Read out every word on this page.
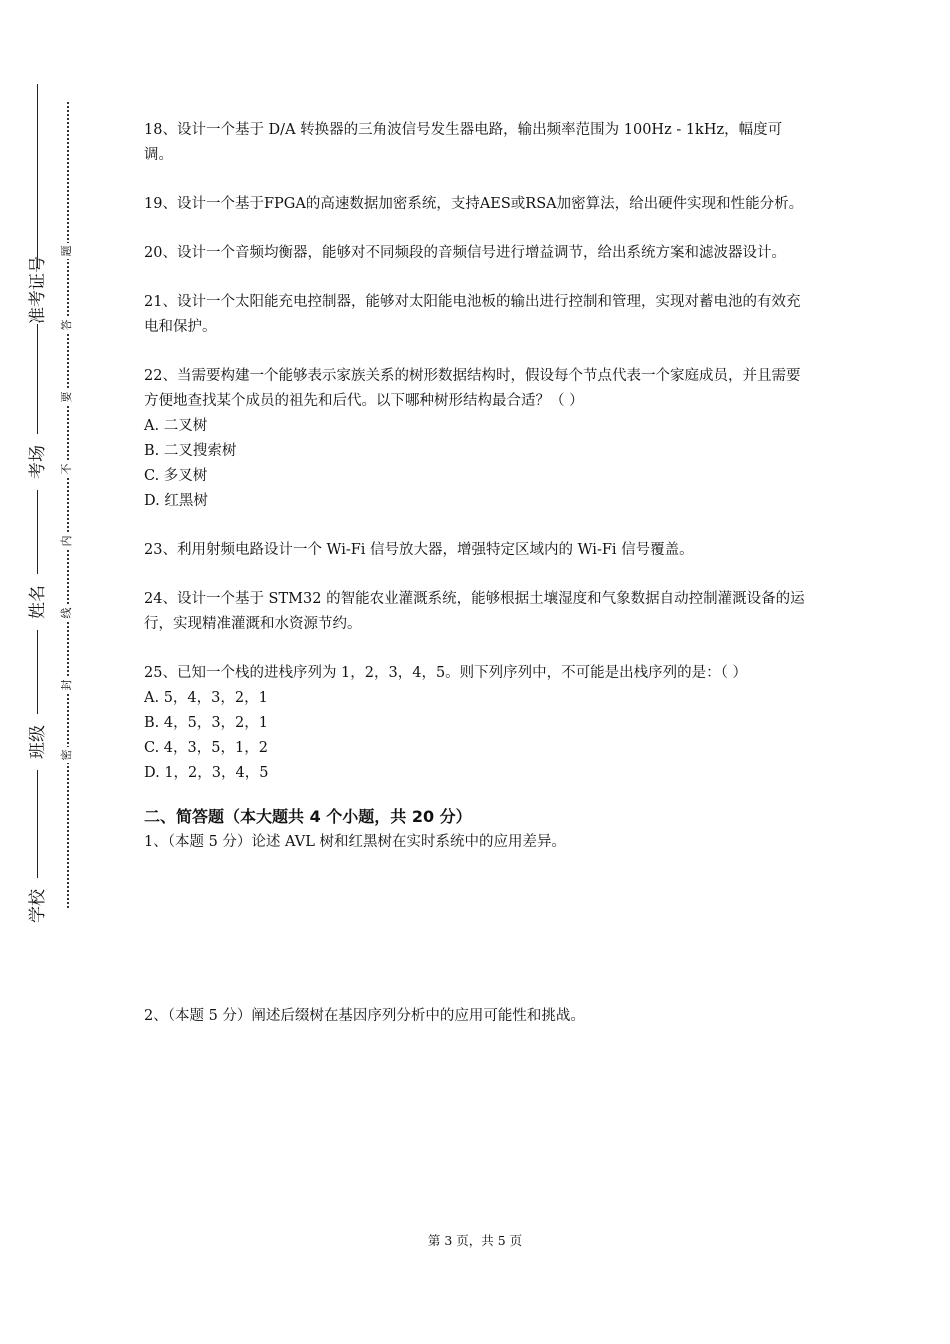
准考证号
考场
姓名
班级
学校
题
答
要
不
内
线
封
密

18、设计一个基于 D/A 转换器的三角波信号发生器电路，输出频率范围为 100Hz - 1kHz，幅度可调。

19、设计一个基于FPGA的高速数据加密系统，支持AES或RSA加密算法，给出硬件实现和性能分析。

20、设计一个音频均衡器，能够对不同频段的音频信号进行增益调节，给出系统方案和滤波器设计。

21、设计一个太阳能充电控制器，能够对太阳能电池板的输出进行控制和管理，实现对蓄电池的有效充电和保护。

22、当需要构建一个能够表示家族关系的树形数据结构时，假设每个节点代表一个家庭成员，并且需要方便地查找某个成员的祖先和后代。以下哪种树形结构最合适？（ ）

A. 二叉树

B. 二叉搜索树

C. 多叉树

D. 红黑树

23、利用射频电路设计一个 Wi-Fi 信号放大器，增强特定区域内的 Wi-Fi 信号覆盖。

24、设计一个基于 STM32 的智能农业灌溉系统，能够根据土壤湿度和气象数据自动控制灌溉设备的运行，实现精准灌溉和水资源节约。

25、已知一个栈的进栈序列为 1，2，3，4，5。则下列序列中，不可能是出栈序列的是：（ ）

A. 5，4，3，2，1

B. 4，5，3，2，1

C. 4，3，5，1，2

D. 1，2，3，4，5

二、简答题（本大题共 4 个小题，共 20 分）

1、（本题 5 分）论述 AVL 树和红黑树在实时系统中的应用差异。

2、（本题 5 分）阐述后缀树在基因序列分析中的应用可能性和挑战。

第 3 页，共 5 页
